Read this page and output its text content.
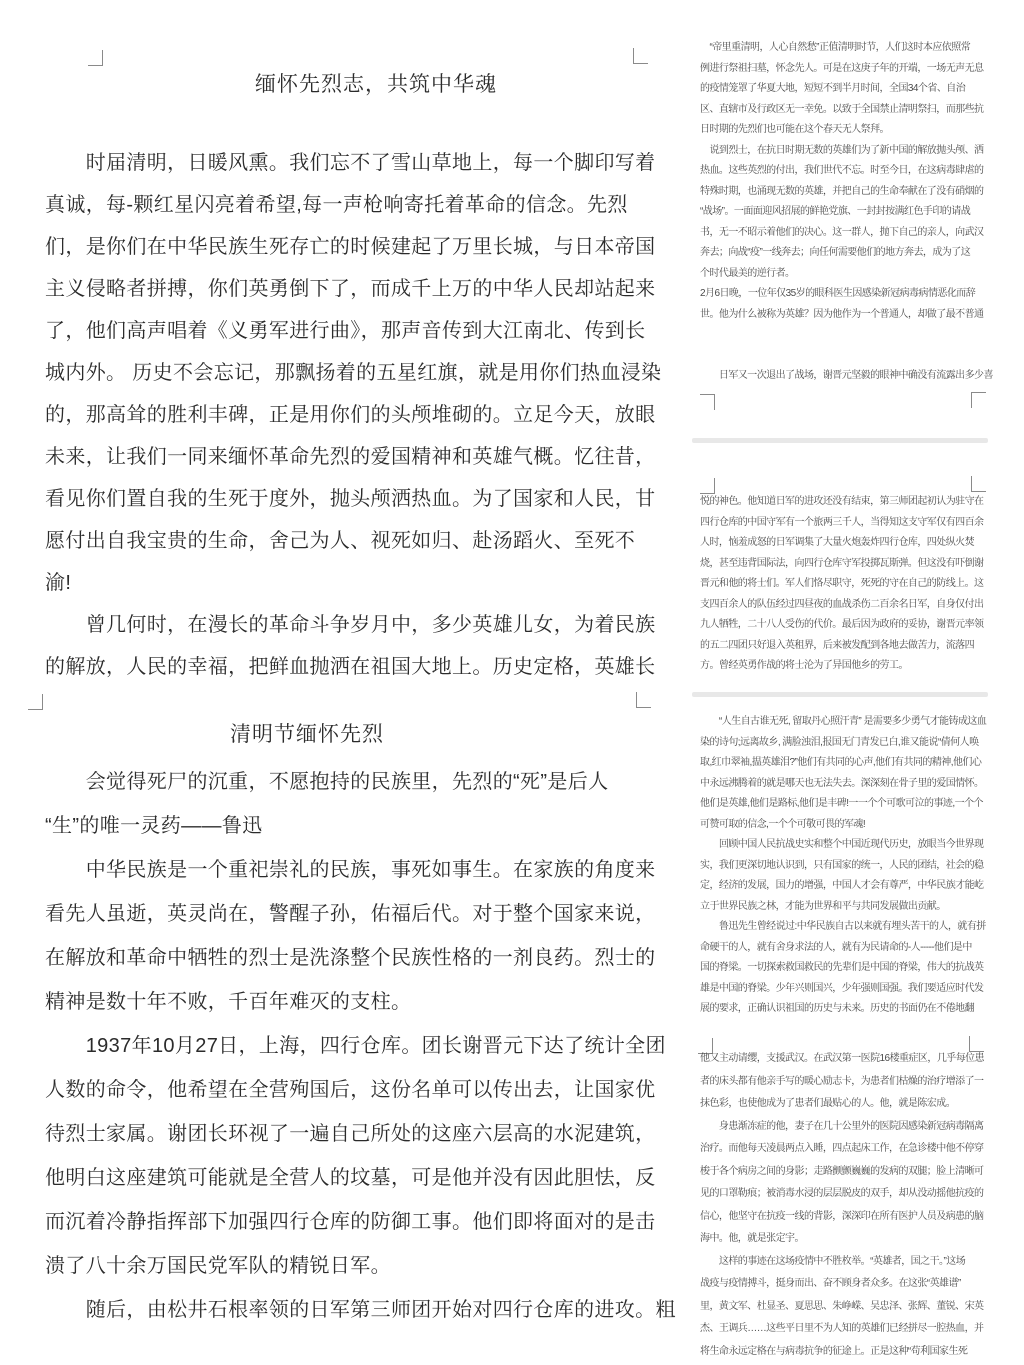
缅怀先烈志，共筑中华魂
　　时届清明，日暖风熏。我们忘不了雪山草地上，每一个脚印写着
真诚，每-颗红星闪亮着希望,每一声枪响寄托着革命的信念。先烈
们，是你们在中华民族生死存亡的时候建起了万里长城，与日本帝国
主义侵略者拼搏，你们英勇倒下了，而成千上万的中华人民却站起来
了，他们高声唱着《义勇军进行曲》，那声音传到大江南北、传到长
城内外。 历史不会忘记，那飘扬着的五星红旗，就是用你们热血浸染
的，那高耸的胜利丰碑，正是用你们的头颅堆砌的。立足今天，放眼
未来，让我们一同来缅怀革命先烈的爱国精神和英雄气概。忆往昔，
看见你们置自我的生死于度外，抛头颅洒热血。为了国家和人民，甘
愿付出自我宝贵的生命，舍己为人、视死如归、赴汤蹈火、至死不
渝!
　　曾几何时，在漫长的革命斗争岁月中，多少英雄儿女，为着民族
的解放，人民的幸福，把鲜血抛洒在祖国大地上。历史定格，英雄长
清明节缅怀先烈
　　会觉得死尸的沉重，不愿抱持的民族里，先烈的“死”是后人
“生”的唯一灵药——鲁迅
　　中华民族是一个重祀崇礼的民族，事死如事生。在家族的角度来
看先人虽逝，英灵尚在，警醒子孙，佑福后代。对于整个国家来说，
在解放和革命中牺牲的烈士是洗涤整个民族性格的一剂良药。烈士的
精神是数十年不败，千百年难灭的支柱。
　　1937年10月27日，上海，四行仓库。团长谢晋元下达了统计全团
人数的命令，他希望在全营殉国后，这份名单可以传出去，让国家优
待烈士家属。谢团长环视了一遍自己所处的这座六层高的水泥建筑，
他明白这座建筑可能就是全营人的坟墓，可是他并没有因此胆怯，反
而沉着冷静指挥部下加强四行仓库的防御工事。他们即将面对的是击
溃了八十余万国民党军队的精锐日军。
　　随后，由松井石根率领的日军第三师团开始对四行仓库的进攻。粗
　“帝里重清明，人心自然愁”正值清明时节，人们这时本应依照常
例进行祭祖扫墓，怀念先人。可是在这庚子年的开端，一场无声无息
的疫情笼罩了华夏大地，短短不到半月时间，全国34个省、自治
区、直辖市及行政区无一幸免。以致于全国禁止清明祭扫，而那些抗
日时期的先烈们也可能在这个春天无人祭拜。
　说到烈士，在抗日时期无数的英雄们为了新中国的解放抛头颅、洒
热血。这些英烈的付出，我们世代不忘。时至今日，在这病毒肆虐的
特殊时期，也涌现无数的英雄，并把自己的生命奉献在了没有硝烟的
“战场”。一面面迎风招展的鲜艳党旗、一封封按满红色手印的请战
书，无一不昭示着他们的决心。这一群人，抛下自己的亲人，向武汉
奔去；向战“疫”一线奔去；向任何需要他们的地方奔去，成为了这
个时代最美的逆行者。
2月6日晚，一位年仅35岁的眼科医生因感染新冠病毒病情恶化而辞
世。他为什么被称为英雄？因为他作为一个普通人，却做了最不普通
　　日军又一次退出了战场，谢晋元坚毅的眼神中确没有流露出多少喜
悦的神色。他知道日军的进攻还没有结束，第三师团起初认为驻守在
四行仓库的中国守军有一个旅两三千人，当得知这支守军仅有四百余
人时，恼羞成怒的日军调集了大量火炮轰炸四行仓库，四处纵火焚
烧，甚至违背国际法，向四行仓库守军投掷瓦斯弹。但这没有吓倒谢
晋元和他的将士们。军人们恪尽职守，死死的守在自己的防线上。这
支四百余人的队伍经过四昼夜的血战杀伤二百余名日军，自身仅付出
九人牺牲，二十八人受伤的代价。最后因为政府的妥协，谢晋元率领
的五二四团只好退入英租界，后来被发配到各地去做苦力，流落四
方。曾经英勇作战的将士沦为了异国他乡的劳工。
　　“人生自古谁无死, 留取丹心照汗青” 是需要多少勇气才能铸成这血
染的诗句;远离故乡, 满脸浊泪,报国无门青发已白,谁又能说“倩何人唤
取,红巾翠袖,揾英雄泪?”他们有共同的心声,他们有共同的精神,他们心
中永远沸腾着的就是哪天也无法失去。深深刻在骨子里的爱国情怀。
他们是英雄,他们是路标,他们是丰碑!一一个个可歌可泣的事迹,一个个
可赞可取的信念,一个个可敬可畏的军魂!
　　回顾中国人民抗战史实和整个中国近现代历史，放眼当今世界现
实，我们更深切地认识到，只有国家的统一，人民的团结，社会的稳
定，经济的发展，国力的增强，中国人才会有尊严，中华民族才能屹
立于世界民族之林，才能为世界和平与共同发展做出贡献。
　　鲁迅先生曾经说过:中华民族自古以来就有埋头苦干的人，就有拼
命硬干的人，就有舍身求法的人，就有为民请命的-人-----他们是中
国的脊梁。一切探索救国救民的先辈们是中国的脊梁，伟大的抗战英
雄是中国的脊梁。少年兴则国兴，少年强则国强。我们要适应时代发
展的要求，正确认识祖国的历史与未来。历史的书面仍在不倦地翻
他又主动请缨，支援武汉。在武汉第一医院16楼重症区，几乎每位患
者的床头都有他亲手写的暖心励志卡，为患者们枯燥的治疗增添了一
抹色彩，也使他成为了患者们最贴心的人。他，就是陈宏成。
　　身患渐冻症的他，妻子在几十公里外的医院因感染新冠病毒隔离
治疗。而他每天凌晨两点入睡，四点起床工作，在急诊楼中他不停穿
梭于各个病房之间的身影；走路颤颤巍巍的发病的双腿；脸上清晰可
见的口罩勒痕；被消毒水浸的层层脱皮的双手，却从没动摇他抗疫的
信心，他坚守在抗疫一线的背影，深深印在所有医护人员及病患的脑
海中。他，就是张定宇。
　　这样的事迹在这场疫情中不胜枚举。“英雄者，国之干。”这场
战疫与疫情搏斗，挺身而出、奋不顾身者众多。在这张“英雄谱”
里，黄文军、杜显圣、夏思思、朱峥嵘、吴忠泽、张辉、董锐、宋英
杰、王调兵……这些平日里不为人知的英雄们已经拼尽一腔热血，并
将生命永远定格在与病毒抗争的征途上。正是这种“苟利国家生死
